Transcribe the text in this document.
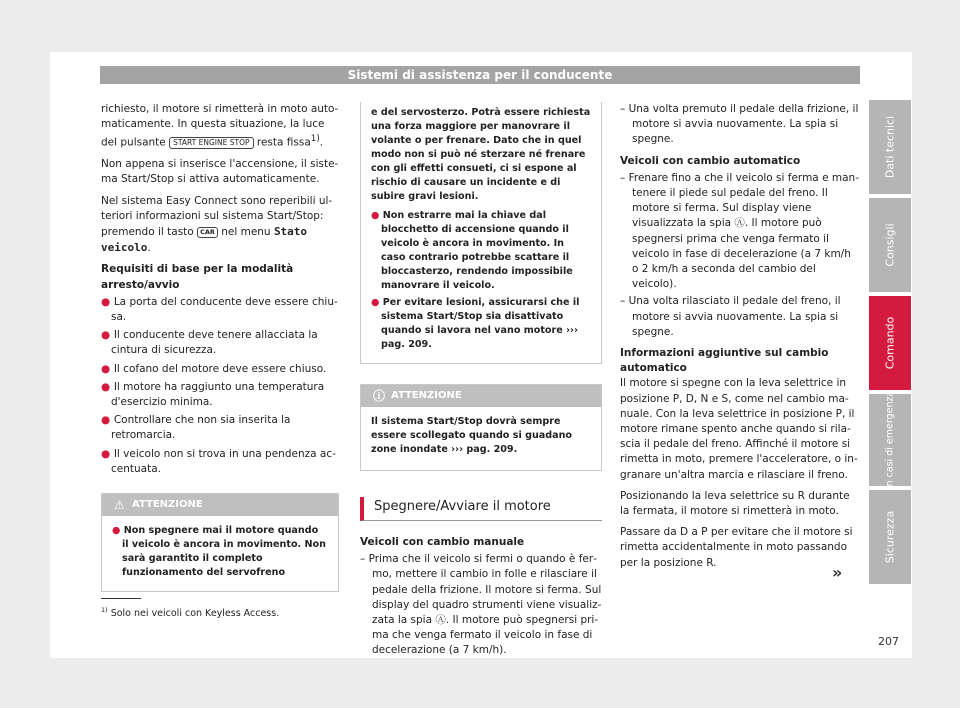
Sistemi di assistenza per il conducente

richiesto, il motore si rimetterà in moto automaticamente. In questa situazione, la luce del pulsante START ENGINE STOP resta fissa$^{1)}$.

Non appena si inserisce l'accensione, il sistema Start/Stop si attiva automaticamente.

Nel sistema Easy Connect sono reperibili ulteriori informazioni sul sistema Start/Stop: premendo il tasto CAR nel menu Stato veicolo.

Requisiti di base per la modalità arresto/avvio

● La porta del conducente deve essere chiusa.

● Il conducente deve tenere allacciata la cintura di sicurezza.

● Il cofano del motore deve essere chiuso.

● Il motore ha raggiunto una temperatura d'esercizio minima.

● Controllare che non sia inserita la retromarcia.

● Il veicolo non si trova in una pendenza accentuata.

⚠ ATTENZIONE

● Non spegnere mai il motore quando il veicolo è ancora in movimento. Non sarà garantito il completo funzionamento del servofreno

e del servosterzo. Potrà essere richiesta una forza maggiore per manovrare il volante o per frenare. Dato che in quel modo non si può né sterzare né frenare con gli effetti consueti, ci si espone al rischio di causare un incidente e di subire gravi lesioni.

● Non estrarre mai la chiave dal blocchetto di accensione quando il veicolo è ancora in movimento. In caso contrario potrebbe scattare il bloccasterzo, rendendo impossibile manovrare il veicolo.

● Per evitare lesioni, assicurarsi che il sistema Start/Stop sia disattivato quando si lavora nel vano motore ››› pag. 209.

ⓘ ATTENZIONE

Il sistema Start/Stop dovrà sempre essere scollegato quando si guadano zone inondate ››› pag. 209.

Spegnere/Avviare il motore

Veicoli con cambio manuale

– Prima che il veicolo si fermi o quando è fermo, mettere il cambio in folle e rilasciare il pedale della frizione. Il motore si ferma. Sul display del quadro strumenti viene visualizzata la spia Ⓐ. Il motore può spegnersi prima che venga fermato il veicolo in fase di decelerazione (a 7 km/h).

– Una volta premuto il pedale della frizione, il motore si avvia nuovamente. La spia si spegne.

Veicoli con cambio automatico

– Frenare fino a che il veicolo si ferma e mantenere il piede sul pedale del freno. Il motore si ferma. Sul display viene visualizzata la spia Ⓐ. Il motore può spegnersi prima che venga fermato il veicolo in fase di decelerazione (a 7 km/h o 2 km/h a seconda del cambio del veicolo).

– Una volta rilasciato il pedale del freno, il motore si avvia nuovamente. La spia si spegne.

Informazioni aggiuntive sul cambio automatico

Il motore si spegne con la leva selettrice in posizione P, D, N e S, come nel cambio manuale. Con la leva selettrice in posizione P, il motore rimane spento anche quando si rilascia il pedale del freno. Affinché il motore si rimetta in moto, premere l'acceleratore, o ingranare un'altra marcia e rilasciare il freno.

Posizionando la leva selettrice su R durante la fermata, il motore si rimetterà in moto.

Passare da D a P per evitare che il motore si rimetta accidentalmente in moto passando per la posizione R.

»
Dati tecnici
Consigli
Comando
In casi di emergenza
Sicurezza
$^{1)}$ Solo nei veicoli con Keyless Access.
207
